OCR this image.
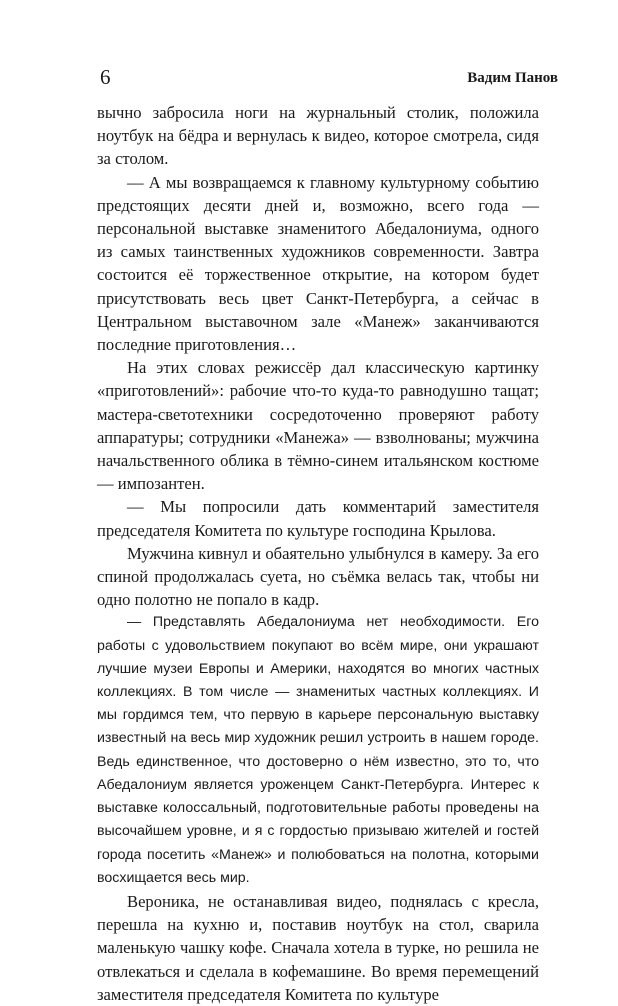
6	Вадим Панов

вычно забросила ноги на журнальный столик, положила ноутбук на бёдра и вернулась к видео, которое смотрела, сидя за столом.

— А мы возвращаемся к главному культурному событию предстоящих десяти дней и, возможно, всего года — персональной выставке знаменитого Абедалониума, одного из самых таинственных художников современности. Завтра состоится её торжественное открытие, на котором будет присутствовать весь цвет Санкт-Петербурга, а сейчас в Центральном выставочном зале «Манеж» заканчиваются последние приготовления…

На этих словах режиссёр дал классическую картинку «приготовлений»: рабочие что-то куда-то равнодушно тащат; мастера-светотехники сосредоточенно проверяют работу аппаратуры; сотрудники «Манежа» — взволнованы; мужчина начальственного облика в тёмно-синем итальянском костюме — импозантен.

— Мы попросили дать комментарий заместителя председателя Комитета по культуре господина Крылова.

Мужчина кивнул и обаятельно улыбнулся в камеру. За его спиной продолжалась суета, но съёмка велась так, чтобы ни одно полотно не попало в кадр.

— Представлять Абедалониума нет необходимости. Его работы с удовольствием покупают во всём мире, они украшают лучшие музеи Европы и Америки, находятся во многих частных коллекциях. В том числе — знаменитых частных коллекциях. И мы гордимся тем, что первую в карьере персональную выставку известный на весь мир художник решил устроить в нашем городе. Ведь единственное, что достоверно о нём известно, это то, что Абедалониум является уроженцем Санкт-Петербурга. Интерес к выставке колоссальный, подготовительные работы проведены на высочайшем уровне, и я с гордостью призываю жителей и гостей города посетить «Манеж» и полюбоваться на полотна, которыми восхищается весь мир.

Вероника, не останавливая видео, поднялась с кресла, перешла на кухню и, поставив ноутбук на стол, сварила маленькую чашку кофе. Сначала хотела в турке, но решила не отвлекаться и сделала в кофемашине. Во время перемещений заместителя председателя Комитета по культуре
